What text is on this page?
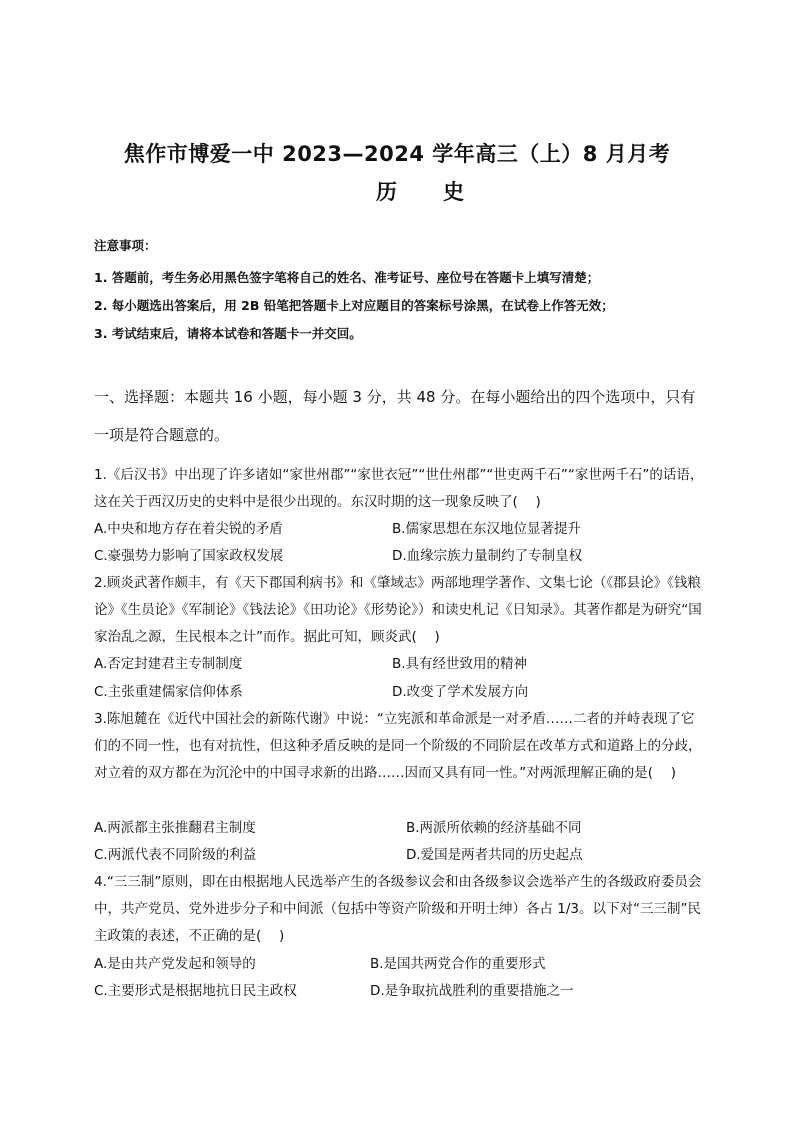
焦作市博爱一中 2023—2024 学年高三（上）8 月月考
历史
注意事项：
1. 答题前，考生务必用黑色签字笔将自己的姓名、准考证号、座位号在答题卡上填写清楚；
2. 每小题选出答案后，用 2B 铅笔把答题卡上对应题目的答案标号涂黑，在试卷上作答无效；
3. 考试结束后，请将本试卷和答题卡一并交回。
一、选择题：本题共 16 小题，每小题 3 分，共 48 分。在每小题给出的四个选项中，只有一项是符合题意的。
1.《后汉书》中出现了许多诸如“家世州郡”“家世衣冠”“世仕州郡”“世吏两千石”“家世两千石”的话语，这在关于西汉历史的史料中是很少出现的。东汉时期的这一现象反映了(　 )
A.中央和地方存在着尖锐的矛盾	B.儒家思想在东汉地位显著提升
C.豪强势力影响了国家政权发展	D.血缘宗族力量制约了专制皇权
2.顾炎武著作颇丰，有《天下郡国利病书》和《肇域志》两部地理学著作、文集七论（《郡县论》《钱粮论》《生员论》《军制论》《钱法论》《田功论》《形势论》）和读史札记《日知录》。其著作都是为研究“国家治乱之源，生民根本之计”而作。据此可知，顾炎武(　 )
A.否定封建君主专制制度	B.具有经世致用的精神
C.主张重建儒家信仰体系	D.改变了学术发展方向
3.陈旭麓在《近代中国社会的新陈代谢》中说：“立宪派和革命派是一对矛盾……二者的并峙表现了它们的不同一性，也有对抗性，但这种矛盾反映的是同一个阶级的不同阶层在改革方式和道路上的分歧，对立着的双方都在为沉沦中的中国寻求新的出路……因而又具有同一性。”对两派理解正确的是(　 )
A.两派都主张推翻君主制度	B.两派所依赖的经济基础不同
C.两派代表不同阶级的利益	D.爱国是两者共同的历史起点
4.“三三制”原则，即在由根据地人民选举产生的各级参议会和由各级参议会选举产生的各级政府委员会中，共产党员、党外进步分子和中间派（包括中等资产阶级和开明士绅）各占 1/3。以下对“三三制”民主政策的表述，不正确的是(　 )
A.是由共产党发起和领导的	B.是国共两党合作的重要形式
C.主要形式是根据地抗日民主政权	D.是争取抗战胜利的重要措施之一
